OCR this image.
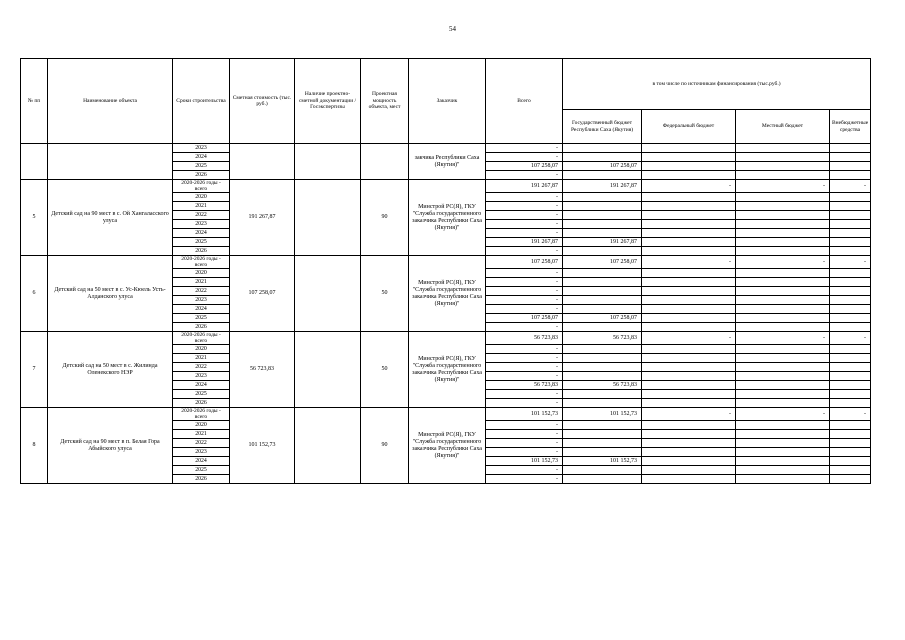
54
№ пп	Наименование объекта	Сроки строительства	Сметная стоимость (тыс. руб.)	Наличие проектно-сметной документации /Госэкспертизы	Проектная мощность объекта, мест	Заказчик	Всего	в том числе по источникам финансирования (тыс.руб.)			
								Государственный бюджет Республики Саха (Якутия)	Федеральный бюджет	Местный бюджет	Внебюджетные средства
		2023				закчика Республики Саха (Якутия)"	-				
		2024					-				
		2025					107 258,07	107 258,07			
		2026					-				
5	Детский сад на 90 мест в с. Ой Хангаласского улуса	2020-2026 годы - всего	191 267,87		90	Минстрой РС(Я), ГКУ "Служба государственного заказчика Республики Саха (Якутия)"	191 267,87	191 267,87	-	-	-

		2020					-				
		2021					-				
		2022					-				
		2023					-				
		2024					-				
		2025					191 267,87	191 267,87			
		2026					-				
6	Детский сад на 50 мест в с. Ус-Кюель Усть-Алданского улуса	2020-2026 годы - всего	107 258,07		50	Минстрой РС(Я), ГКУ "Служба государственного заказчика Республики Саха (Якутия)"	107 258,07	107 258,07	-	-	-

		2020					-				
		2021					-				
		2022					-				
		2023					-				
		2024					-				
		2025					107 258,07	107 258,07			
		2026					-				
7	Детский сад на 50 мест в с. Жилинда Оленекского НЭР	2020-2026 годы - всего	56 723,83		50	Минстрой РС(Я), ГКУ "Служба государственного заказчика Республики Саха (Якутия)"	56 723,83	56 723,83	-	-	-

		2020					-				
		2021					-				
		2022					-				
		2023					-				
		2024					56 723,83	56 723,83			
		2025					-				
		2026					-				
8	Детский сад на 90 мест в п. Белая Гора Абыйского улуса	2020-2026 годы - всего	101 152,73		90	Минстрой РС(Я), ГКУ "Служба государственного заказчика Республики Саха (Якутия)"	101 152,73	101 152,73	-	-	-

		2020					-				
		2021					-				
		2022					-				
		2023					-				
		2024					101 152,73	101 152,73			
		2025					-				
		2026					-				
